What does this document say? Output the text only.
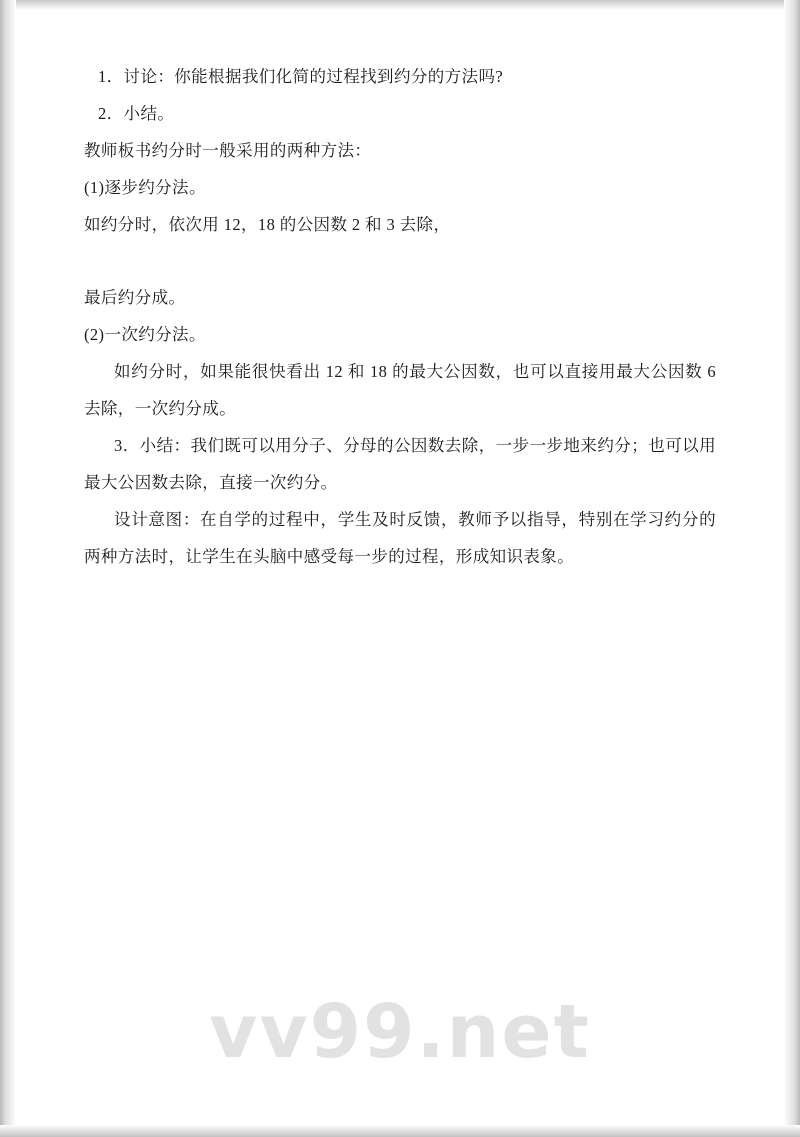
1．讨论：你能根据我们化简的过程找到约分的方法吗?
2．小结。
教师板书约分时一般采用的两种方法：
(1)逐步约分法。
如约分时，依次用 12，18 的公因数 2 和 3 去除，
最后约分成。
(2)一次约分法。
如约分时，如果能很快看出 12 和 18 的最大公因数，也可以直接用最大公因数 6 去除，一次约分成。
3．小结：我们既可以用分子、分母的公因数去除，一步一步地来约分；也可以用最大公因数去除，直接一次约分。
设计意图：在自学的过程中，学生及时反馈，教师予以指导，特别在学习约分的两种方法时，让学生在头脑中感受每一步的过程，形成知识表象。
vv99.net
